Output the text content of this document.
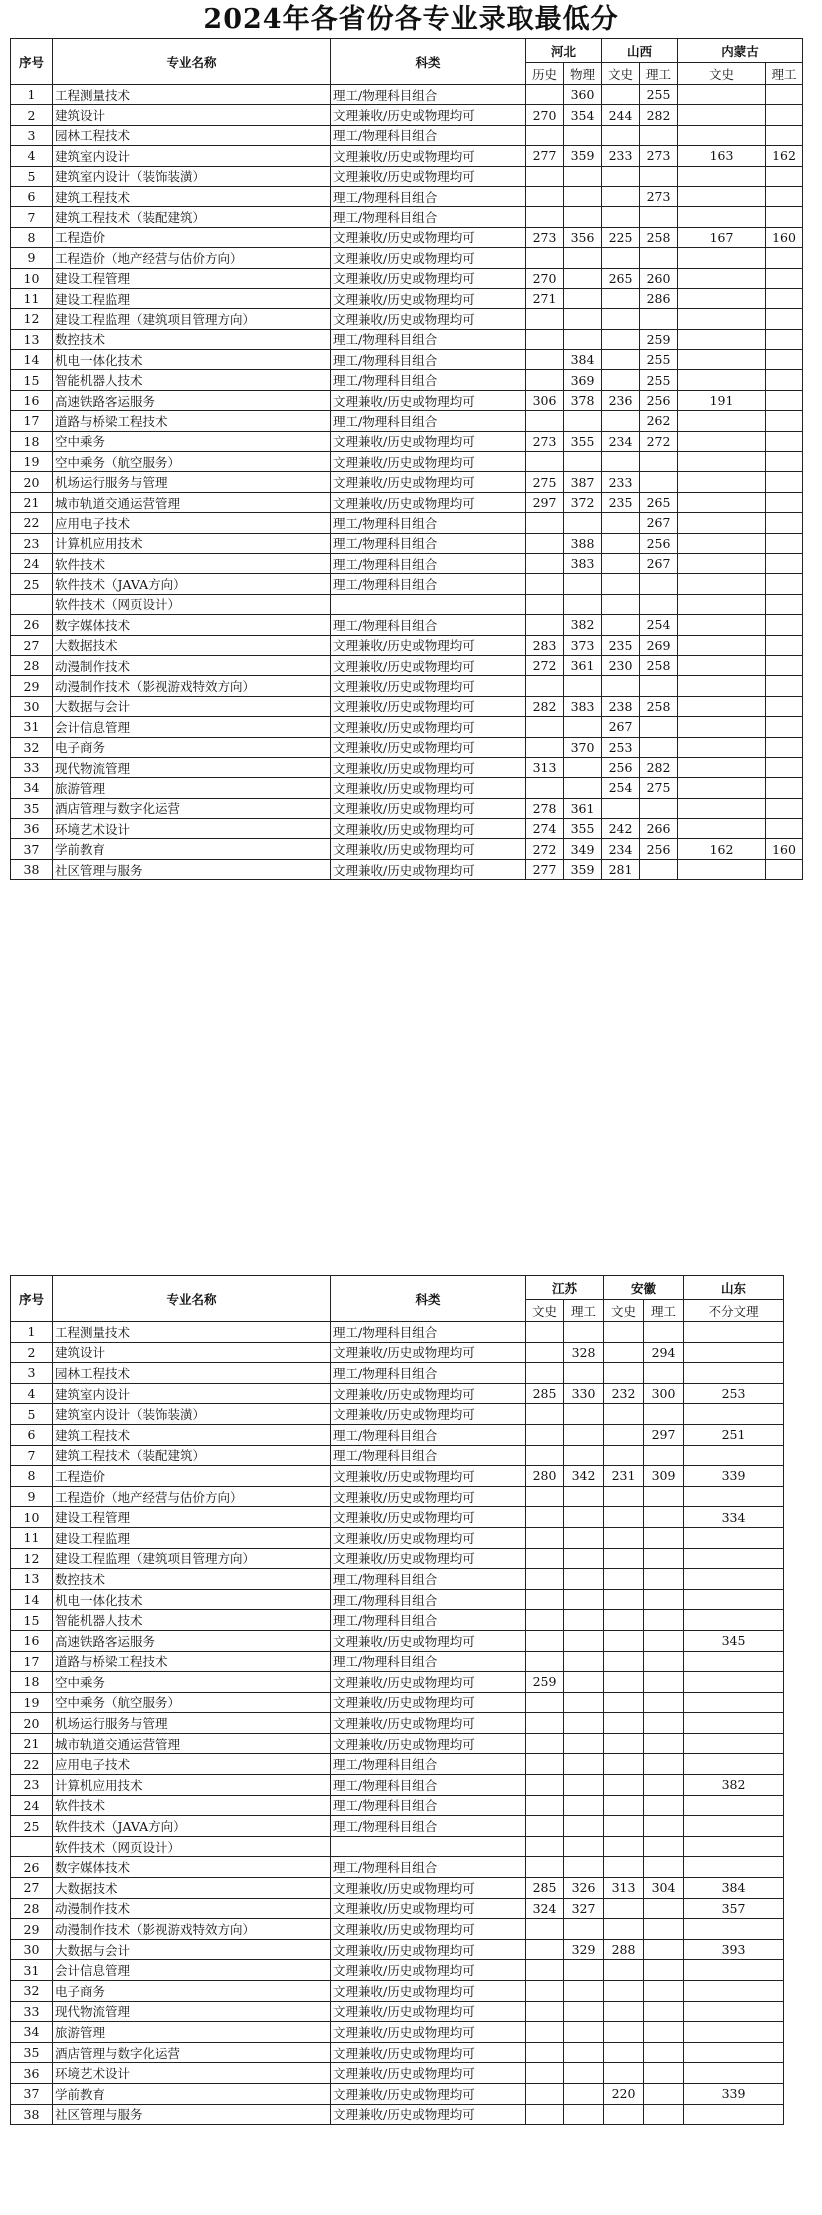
2024年各省份各专业录取最低分
序号	专业名称	科类	河北		山西		内蒙古	
			历史	物理	文史	理工	文史	理工
1	工程测量技术	理工/物理科目组合		360		255		
2	建筑设计	文理兼收/历史或物理均可	270	354	244	282		
3	园林工程技术	理工/物理科目组合						
4	建筑室内设计	文理兼收/历史或物理均可	277	359	233	273	163	162
5	建筑室内设计（装饰装潢）	文理兼收/历史或物理均可						
6	建筑工程技术	理工/物理科目组合				273		
7	建筑工程技术（装配建筑）	理工/物理科目组合						
8	工程造价	文理兼收/历史或物理均可	273	356	225	258	167	160
9	工程造价（地产经营与估价方向）	文理兼收/历史或物理均可						
10	建设工程管理	文理兼收/历史或物理均可	270		265	260		
11	建设工程监理	文理兼收/历史或物理均可	271			286		
12	建设工程监理（建筑项目管理方向）	文理兼收/历史或物理均可						
13	数控技术	理工/物理科目组合				259		
14	机电一体化技术	理工/物理科目组合		384		255		
15	智能机器人技术	理工/物理科目组合		369		255		
16	高速铁路客运服务	文理兼收/历史或物理均可	306	378	236	256	191	
17	道路与桥梁工程技术	理工/物理科目组合				262		
18	空中乘务	文理兼收/历史或物理均可	273	355	234	272		
19	空中乘务（航空服务）	文理兼收/历史或物理均可						
20	机场运行服务与管理	文理兼收/历史或物理均可	275	387	233			
21	城市轨道交通运营管理	文理兼收/历史或物理均可	297	372	235	265		
22	应用电子技术	理工/物理科目组合				267		
23	计算机应用技术	理工/物理科目组合		388		256		
24	软件技术	理工/物理科目组合		383		267		
25	软件技术（JAVA方向）	理工/物理科目组合						
	软件技术（网页设计）							
26	数字媒体技术	理工/物理科目组合		382		254		
27	大数据技术	文理兼收/历史或物理均可	283	373	235	269		
28	动漫制作技术	文理兼收/历史或物理均可	272	361	230	258		
29	动漫制作技术（影视游戏特效方向）	文理兼收/历史或物理均可						
30	大数据与会计	文理兼收/历史或物理均可	282	383	238	258		
31	会计信息管理	文理兼收/历史或物理均可			267			
32	电子商务	文理兼收/历史或物理均可		370	253			
33	现代物流管理	文理兼收/历史或物理均可	313		256	282		
34	旅游管理	文理兼收/历史或物理均可			254	275		
35	酒店管理与数字化运营	文理兼收/历史或物理均可	278	361				
36	环境艺术设计	文理兼收/历史或物理均可	274	355	242	266		
37	学前教育	文理兼收/历史或物理均可	272	349	234	256	162	160
38	社区管理与服务	文理兼收/历史或物理均可	277	359	281			
序号	专业名称	科类	江苏		安徽		山东
			文史	理工	文史	理工	不分文理
1	工程测量技术	理工/物理科目组合					
2	建筑设计	文理兼收/历史或物理均可		328		294	
3	园林工程技术	理工/物理科目组合					
4	建筑室内设计	文理兼收/历史或物理均可	285	330	232	300	253
5	建筑室内设计（装饰装潢）	文理兼收/历史或物理均可					
6	建筑工程技术	理工/物理科目组合				297	251
7	建筑工程技术（装配建筑）	理工/物理科目组合					
8	工程造价	文理兼收/历史或物理均可	280	342	231	309	339
9	工程造价（地产经营与估价方向）	文理兼收/历史或物理均可					
10	建设工程管理	文理兼收/历史或物理均可					334
11	建设工程监理	文理兼收/历史或物理均可					
12	建设工程监理（建筑项目管理方向）	文理兼收/历史或物理均可					
13	数控技术	理工/物理科目组合					
14	机电一体化技术	理工/物理科目组合					
15	智能机器人技术	理工/物理科目组合					
16	高速铁路客运服务	文理兼收/历史或物理均可					345
17	道路与桥梁工程技术	理工/物理科目组合					
18	空中乘务	文理兼收/历史或物理均可	259				
19	空中乘务（航空服务）	文理兼收/历史或物理均可					
20	机场运行服务与管理	文理兼收/历史或物理均可					
21	城市轨道交通运营管理	文理兼收/历史或物理均可					
22	应用电子技术	理工/物理科目组合					
23	计算机应用技术	理工/物理科目组合					382
24	软件技术	理工/物理科目组合					
25	软件技术（JAVA方向）	理工/物理科目组合					
	软件技术（网页设计）						
26	数字媒体技术	理工/物理科目组合					
27	大数据技术	文理兼收/历史或物理均可	285	326	313	304	384
28	动漫制作技术	文理兼收/历史或物理均可	324	327			357
29	动漫制作技术（影视游戏特效方向）	文理兼收/历史或物理均可					
30	大数据与会计	文理兼收/历史或物理均可		329	288		393
31	会计信息管理	文理兼收/历史或物理均可					
32	电子商务	文理兼收/历史或物理均可					
33	现代物流管理	文理兼收/历史或物理均可					
34	旅游管理	文理兼收/历史或物理均可					
35	酒店管理与数字化运营	文理兼收/历史或物理均可					
36	环境艺术设计	文理兼收/历史或物理均可					
37	学前教育	文理兼收/历史或物理均可			220		339
38	社区管理与服务	文理兼收/历史或物理均可					
